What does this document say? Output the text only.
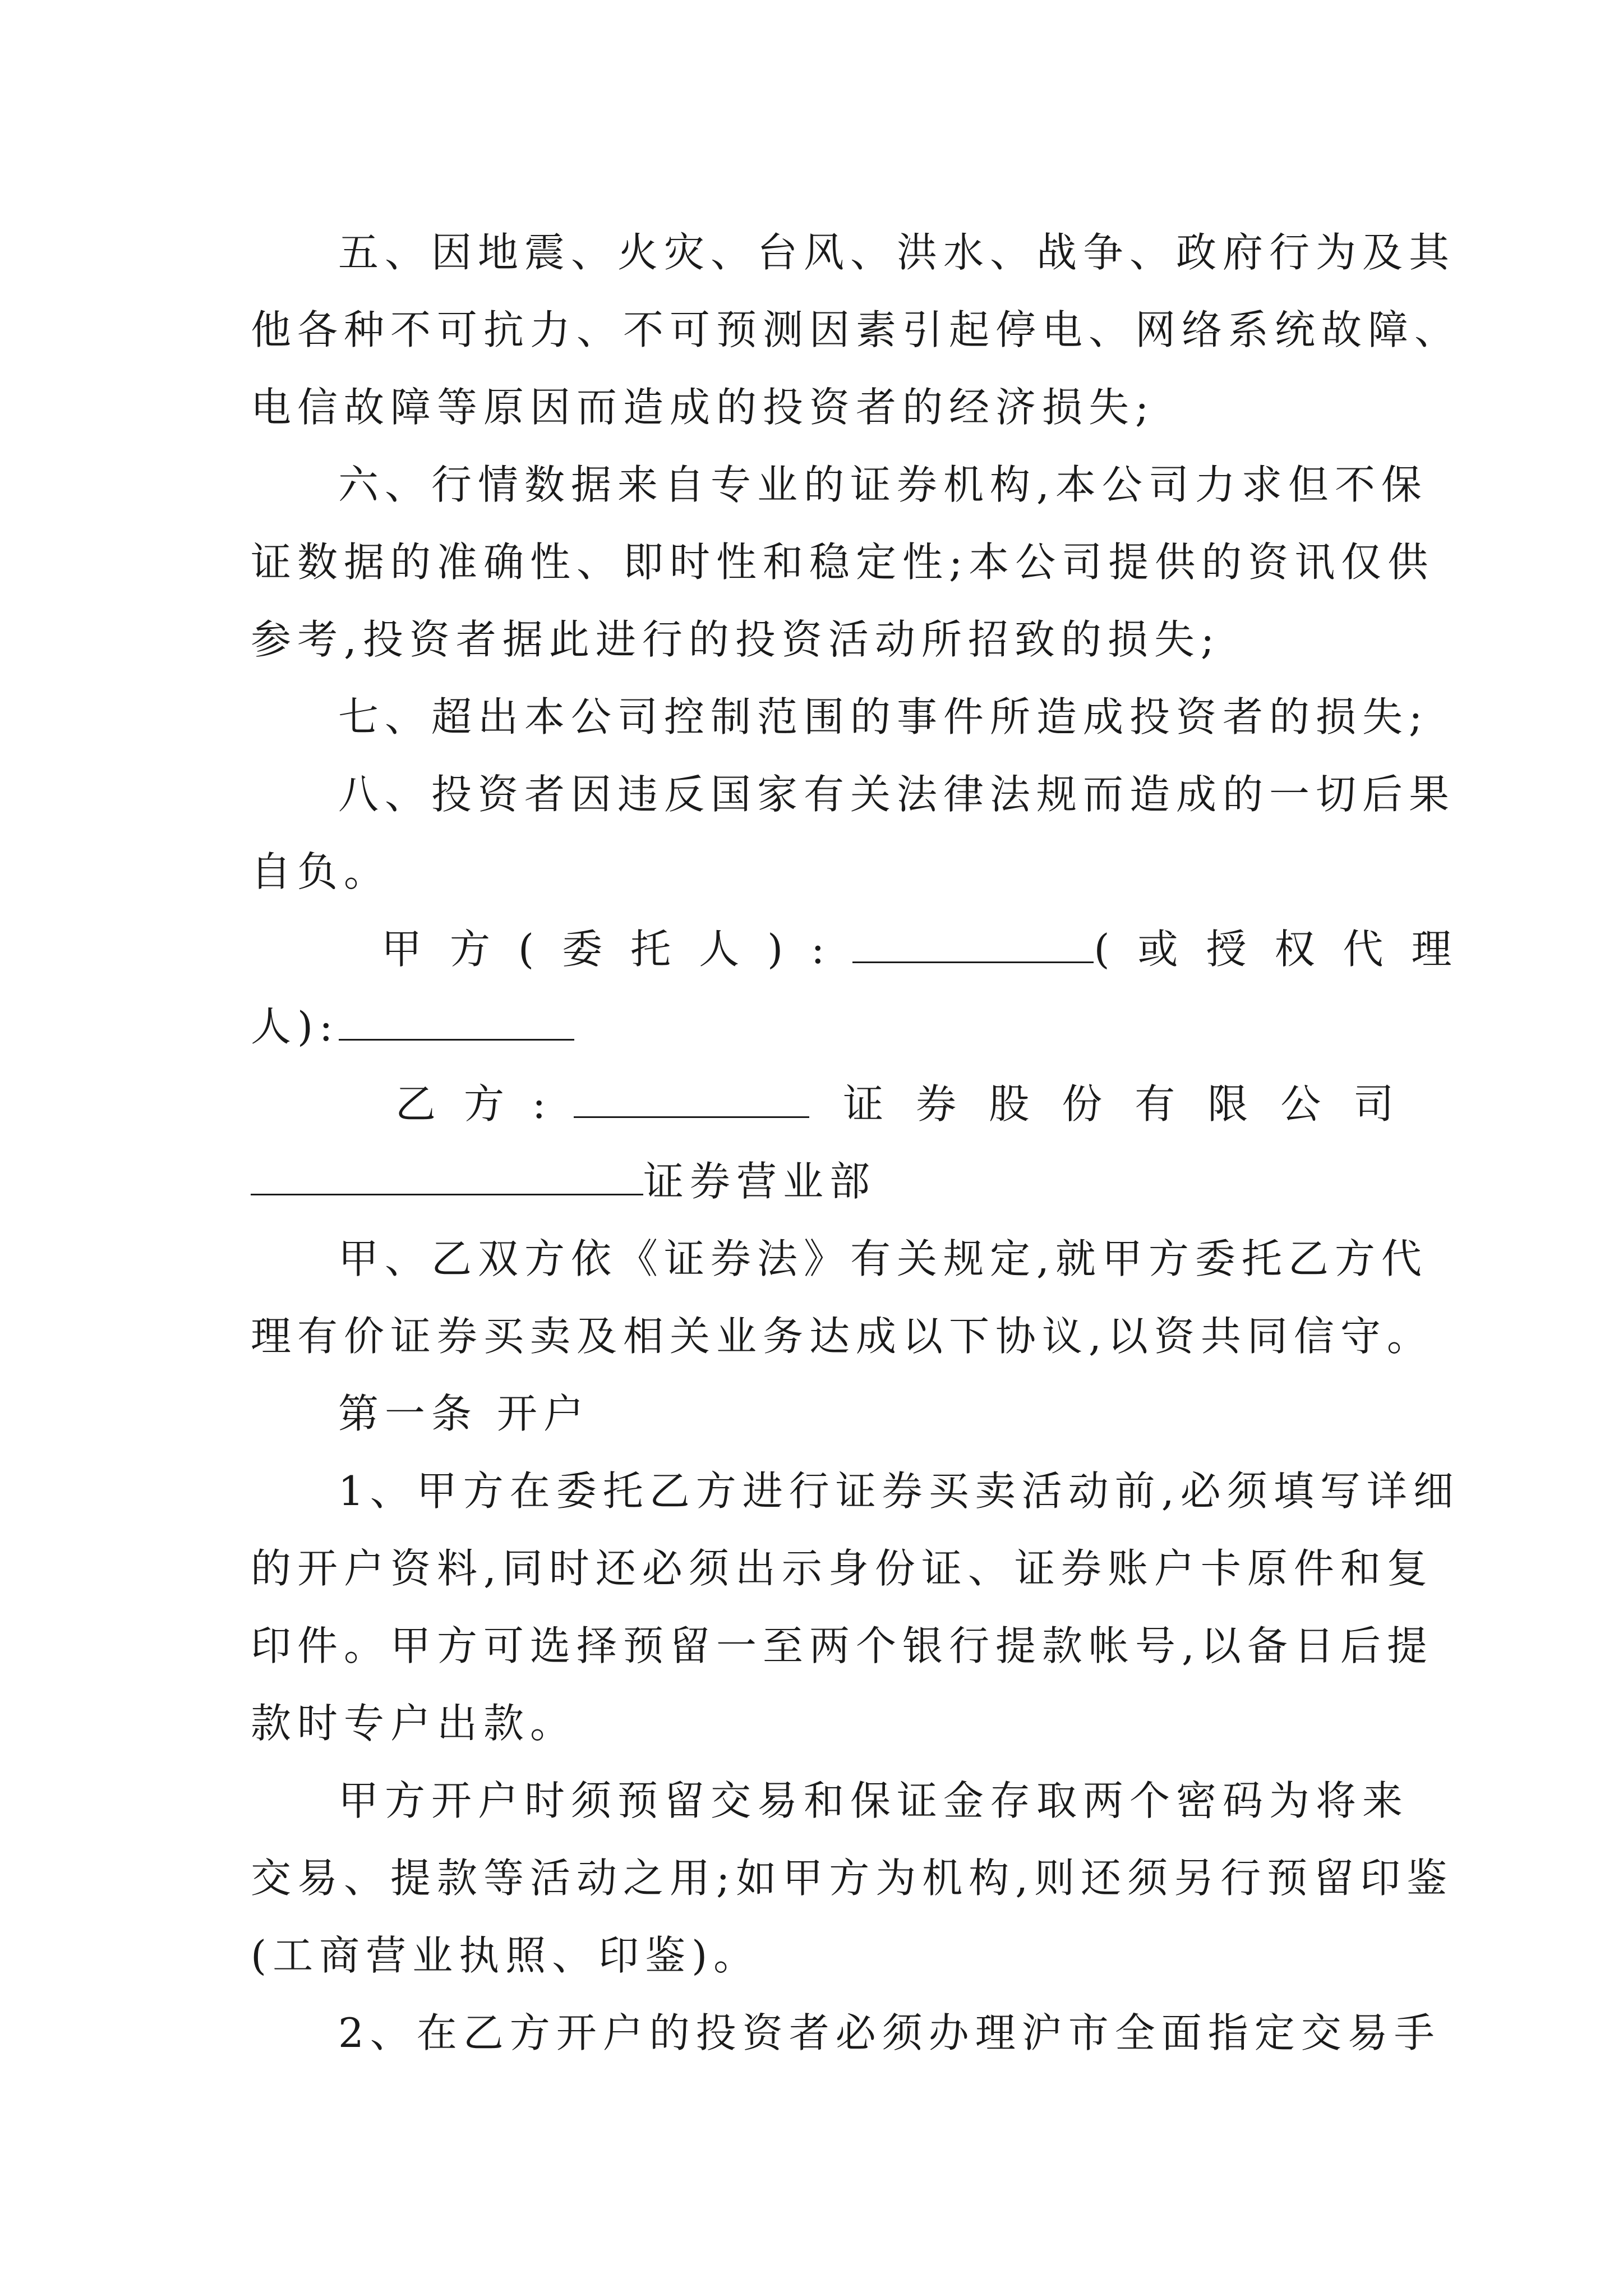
五、因地震、火灾、台风、洪水、战争、政府行为及其
他各种不可抗力、不可预测因素引起停电、网络系统故障、
电信故障等原因而造成的投资者的经济损失;
六、行情数据来自专业的证券机构,本公司力求但不保
证数据的准确性、即时性和稳定性;本公司提供的资讯仅供
参考,投资者据此进行的投资活动所招致的损失;
七、超出本公司控制范围的事件所造成投资者的损失;
八、投资者因违反国家有关法律法规而造成的一切后果
自负。
甲方(委托人):	(或授权代理
人):
乙方:	证券股份有限公司
证券营业部
甲、乙双方依《证券法》有关规定,就甲方委托乙方代
理有价证券买卖及相关业务达成以下协议,以资共同信守。
第一条 开户
1、甲方在委托乙方进行证券买卖活动前,必须填写详细
的开户资料,同时还必须出示身份证、证券账户卡原件和复
印件。甲方可选择预留一至两个银行提款帐号,以备日后提
款时专户出款。
甲方开户时须预留交易和保证金存取两个密码为将来
交易、提款等活动之用;如甲方为机构,则还须另行预留印鉴
(工商营业执照、印鉴)。
2、在乙方开户的投资者必须办理沪市全面指定交易手
